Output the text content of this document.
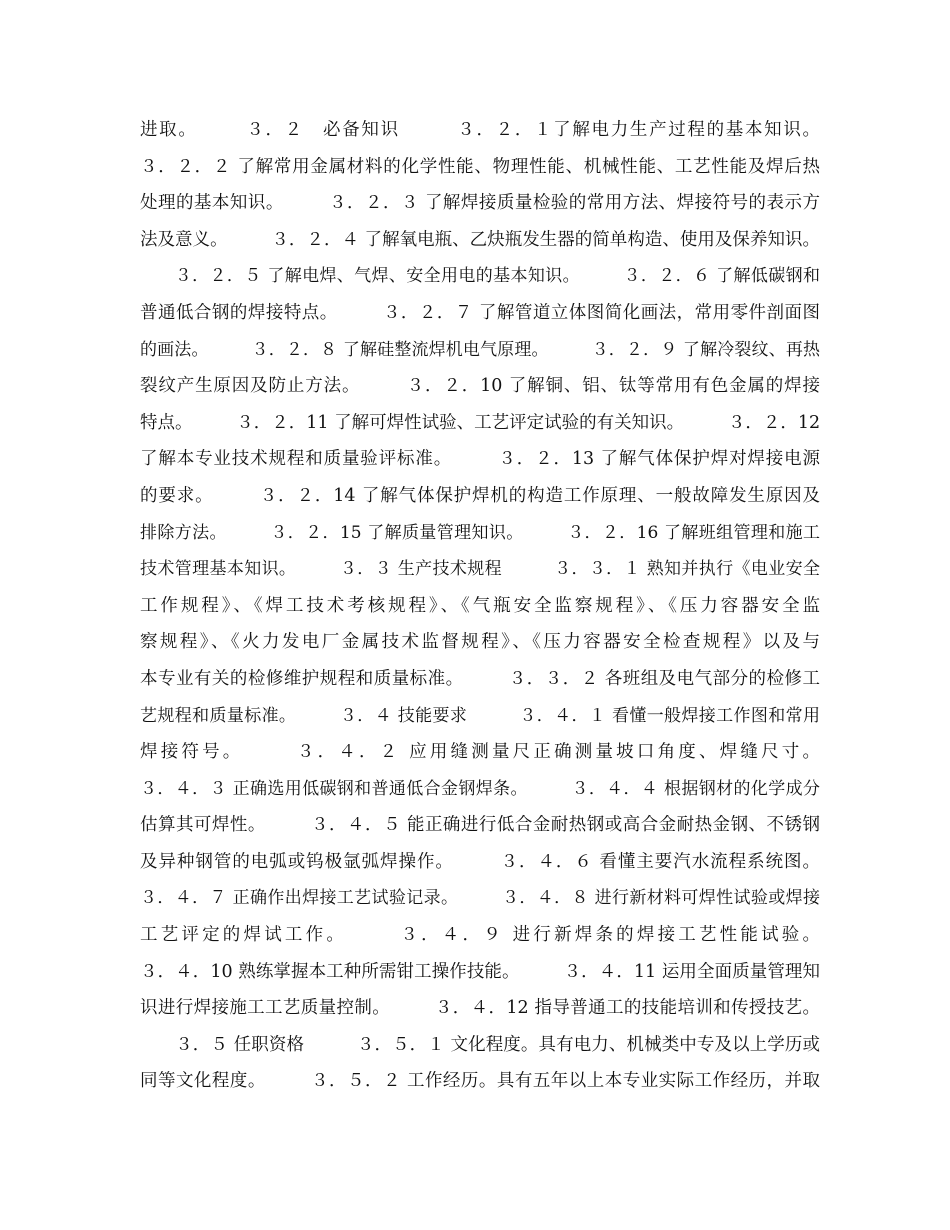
进取。　　　３．２　必备知识　　　３．２．１了解电力生产过程的基本知识。
３．２．２ 了解常用金属材料的化学性能、物理性能、机械性能、工艺性能及焊后热
处理的基本知识。　　　３．２．３ 了解焊接质量检验的常用方法、焊接符号的表示方
法及意义。　　　３．２．４ 了解氧电瓶、乙炔瓶发生器的简单构造、使用及保养知识。
　　３．２．５ 了解电焊、气焊、安全用电的基本知识。　　　３．２．６ 了解低碳钢和
普通低合钢的焊接特点。　　　３．２．７ 了解管道立体图简化画法，常用零件剖面图
的画法。　　　３．２．８ 了解硅整流焊机电气原理。　　　３．２．９ 了解冷裂纹、再热
裂纹产生原因及防止方法。　　　３．２．10 了解铜、铝、钛等常用有色金属的焊接
特点。　　　３．２．11 了解可焊性试验、工艺评定试验的有关知识。　　　３．２．12
了解本专业技术规程和质量验评标准。　　　３．２．13 了解气体保护焊对焊接电源
的要求。　　　３．２．14 了解气体保护焊机的构造工作原理、一般故障发生原因及
排除方法。　　　３．２．15 了解质量管理知识。　　　３．２．16 了解班组管理和施工
技术管理基本知识。　　　３．３ 生产技术规程　　　３．３．１ 熟知并执行《电业安全
工作规程》、《焊工技术考核规程》、《气瓶安全监察规程》、《压力容器安全监
察规程》、《火力发电厂金属技术监督规程》、《压力容器安全检查规程》以及与
本专业有关的检修维护规程和质量标准。　　　３．３．２ 各班组及电气部分的检修工
艺规程和质量标准。　　　３．４ 技能要求　　　３．４．１ 看懂一般焊接工作图和常用
焊接符号。　　　３．４．２ 应用缝测量尺正确测量坡口角度、焊缝尺寸。
３．４．３ 正确选用低碳钢和普通低合金钢焊条。　　　３．４．４ 根据钢材的化学成分
估算其可焊性。　　　３．４．５ 能正确进行低合金耐热钢或高合金耐热金钢、不锈钢
及异种钢管的电弧或钨极氩弧焊操作。　　　３．４．６ 看懂主要汽水流程系统图。
３．４．７ 正确作出焊接工艺试验记录。　　　３．４．８ 进行新材料可焊性试验或焊接
工艺评定的焊试工作。　　　３．４．９ 进行新焊条的焊接工艺性能试验。
３．４．10 熟练掌握本工种所需钳工操作技能。　　　３．４．11 运用全面质量管理知
识进行焊接施工工艺质量控制。　　　３．４．12 指导普通工的技能培训和传授技艺。
　　３．５ 任职资格　　　３．５．１ 文化程度。具有电力、机械类中专及以上学历或
同等文化程度。　　　３．５．２ 工作经历。具有五年以上本专业实际工作经历，并取
